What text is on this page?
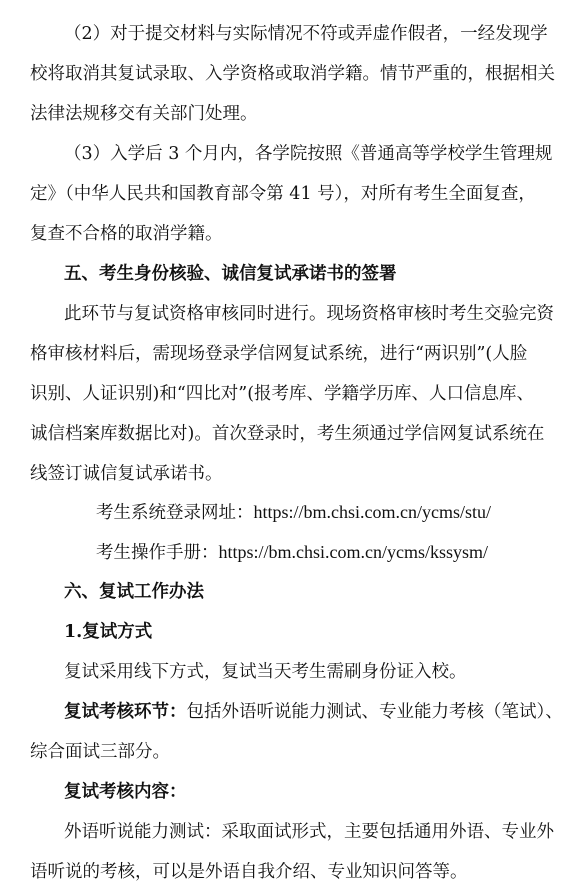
（2）对于提交材料与实际情况不符或弄虚作假者，一经发现学
校将取消其复试录取、入学资格或取消学籍。情节严重的，根据相关
法律法规移交有关部门处理。
（3）入学后 3 个月内，各学院按照《普通高等学校学生管理规
定》（中华人民共和国教育部令第 41 号），对所有考生全面复查，
复查不合格的取消学籍。
五、考生身份核验、诚信复试承诺书的签署
此环节与复试资格审核同时进行。现场资格审核时考生交验完资
格审核材料后，需现场登录学信网复试系统，进行“两识别”(人脸
识别、人证识别)和“四比对”(报考库、学籍学历库、人口信息库、
诚信档案库数据比对)。首次登录时，考生须通过学信网复试系统在
线签订诚信复试承诺书。
考生系统登录网址：https://bm.chsi.com.cn/ycms/stu/
考生操作手册：https://bm.chsi.com.cn/ycms/kssysm/
六、复试工作办法
1.复试方式
复试采用线下方式，复试当天考生需刷身份证入校。
复试考核环节：包括外语听说能力测试、专业能力考核（笔试）、
综合面试三部分。
复试考核内容：
外语听说能力测试：采取面试形式，主要包括通用外语、专业外
语听说的考核，可以是外语自我介绍、专业知识问答等。
